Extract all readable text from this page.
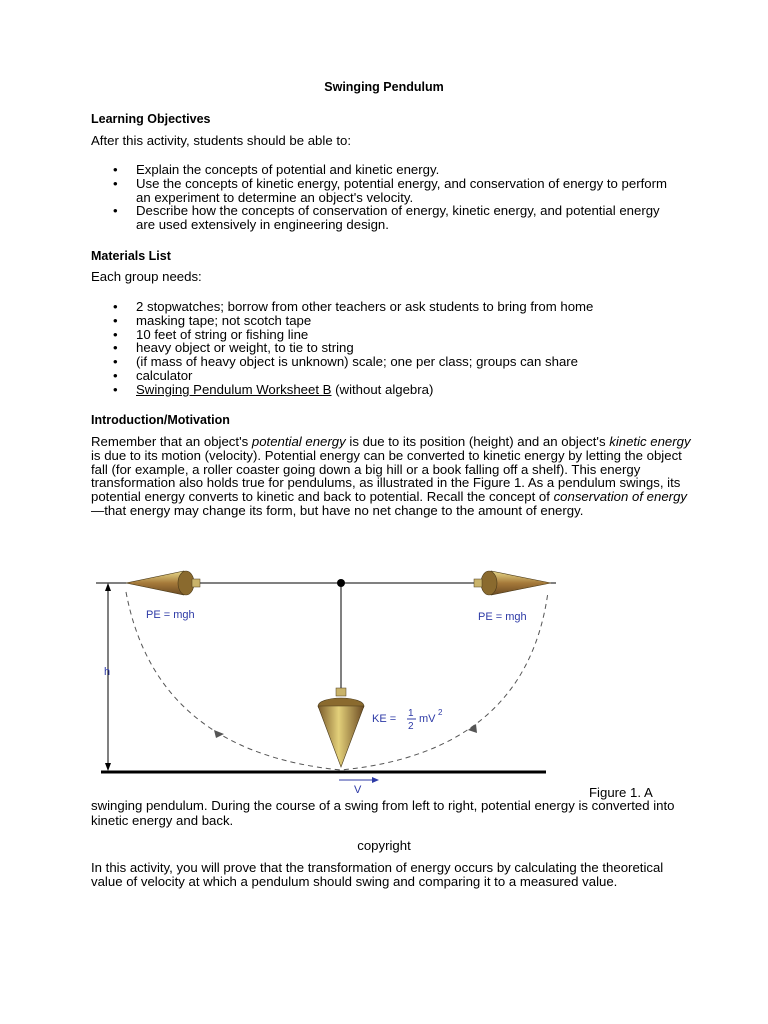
Swinging Pendulum
Learning Objectives
After this activity, students should be able to:
• Explain the concepts of potential and kinetic energy.
• Use the concepts of kinetic energy, potential energy, and conservation of energy to perform an experiment to determine an object's velocity.
• Describe how the concepts of conservation of energy, kinetic energy, and potential energy are used extensively in engineering design.
Materials List
Each group needs:
• 2 stopwatches; borrow from other teachers or ask students to bring from home
• masking tape; not scotch tape
• 10 feet of string or fishing line
• heavy object or weight, to tie to string
• (if mass of heavy object is unknown) scale; one per class; groups can share
• calculator
• Swinging Pendulum Worksheet B (without algebra)
Introduction/Motivation
Remember that an object's potential energy is due to its position (height) and an object's kinetic energy is due to its motion (velocity). Potential energy can be converted to kinetic energy by letting the object fall (for example, a roller coaster going down a big hill or a book falling off a shelf). This energy transformation also holds true for pendulums, as illustrated in the Figure 1. As a pendulum swings, its potential energy converts to kinetic and back to potential. Recall the concept of conservation of energy—that energy may change its form, but have no net change to the amount of energy.
h
PE = mgh	PE = mgh
KE = 1
2
mV
2
V	Figure 1. A
swinging pendulum. During the course of a swing from left to right, potential energy is converted into kinetic energy and back.
copyright
In this activity, you will prove that the transformation of energy occurs by calculating the theoretical value of velocity at which a pendulum should swing and comparing it to a measured value.
